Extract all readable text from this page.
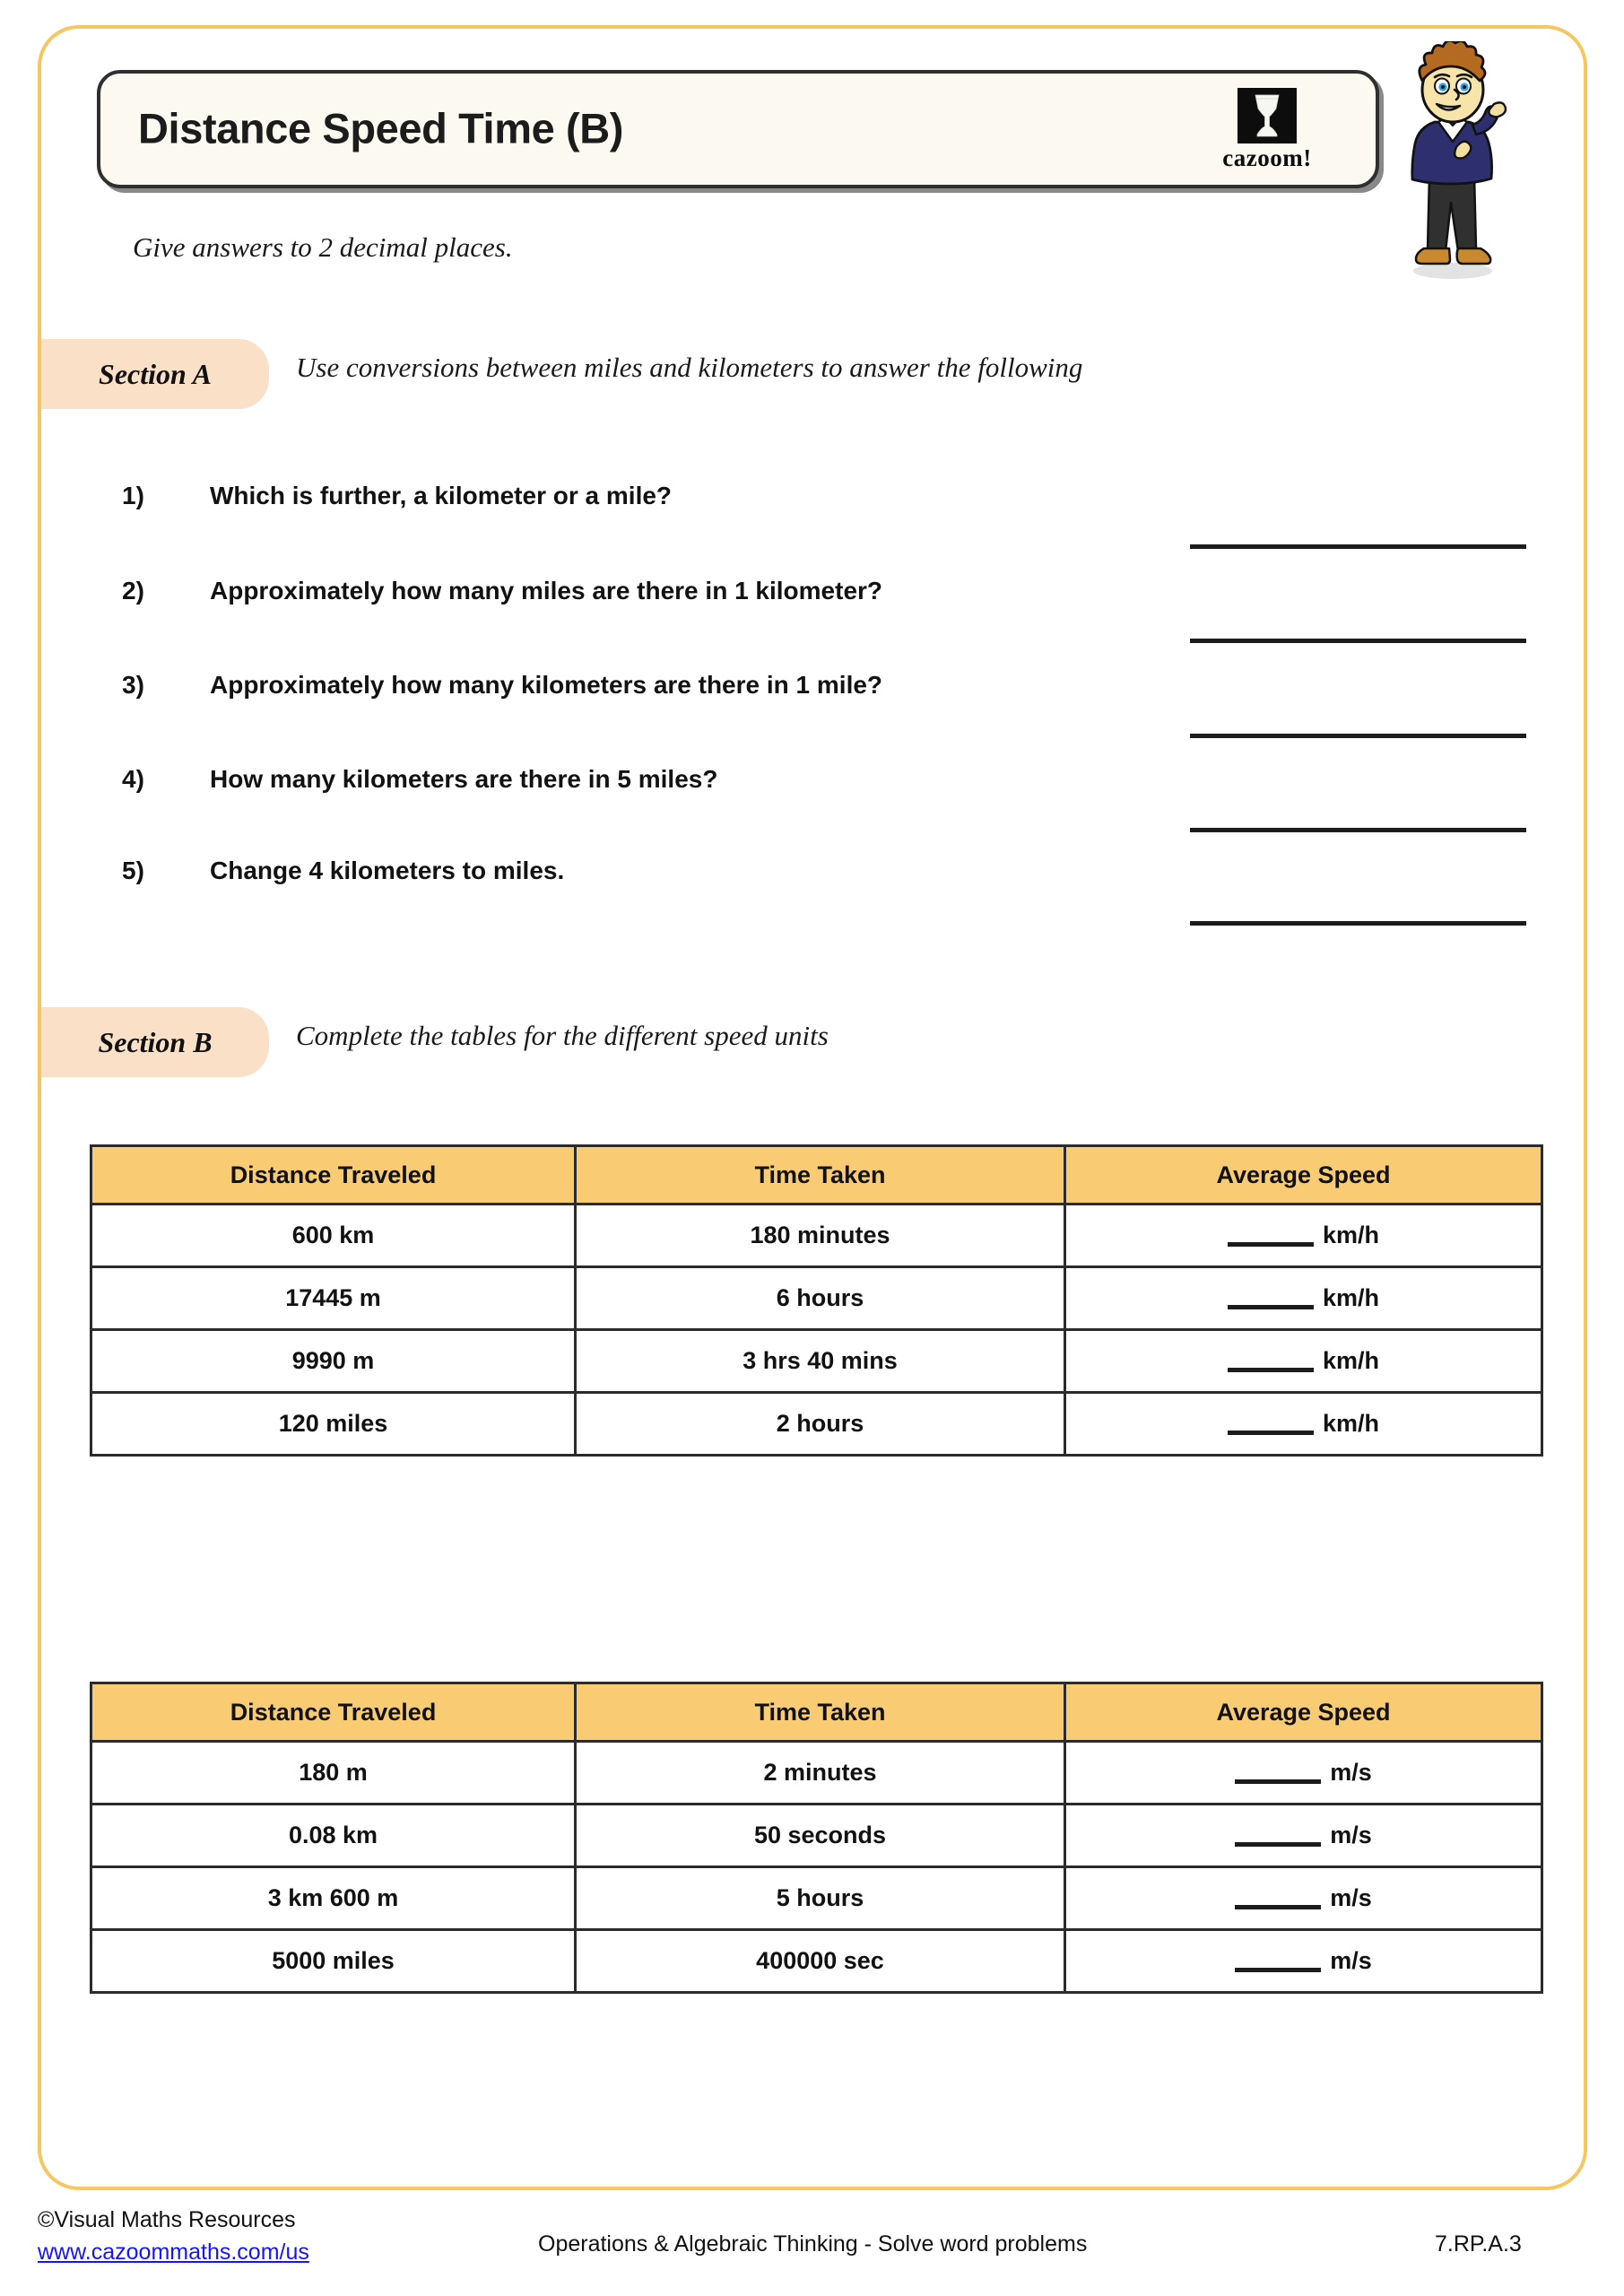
Distance Speed Time (B)
cazoom!
Give answers to 2 decimal places.
Section A	Use conversions between miles and kilometers to answer the following
1)	Which is further, a kilometer or a mile?
2)	Approximately how many miles are there in 1 kilometer?
3)	Approximately how many kilometers are there in 1 mile?
4)	How many kilometers are there in 5 miles?
5)	Change 4 kilometers to miles.
Section B	Complete the tables for the different speed units
Distance Traveled	Time Taken	Average Speed
600 km	180 minutes	km/h
17445 m	6 hours	km/h
9990 m	3 hrs 40 mins	km/h
120 miles	2 hours	km/h
Distance Traveled	Time Taken	Average Speed
180 m	2 minutes	m/s
0.08 km	50 seconds	m/s
3 km 600 m	5 hours	m/s
5000 miles	400000 sec	m/s
©Visual Maths Resources
www.cazoommaths.com/us	Operations & Algebraic Thinking - Solve word problems	7.RP.A.3
